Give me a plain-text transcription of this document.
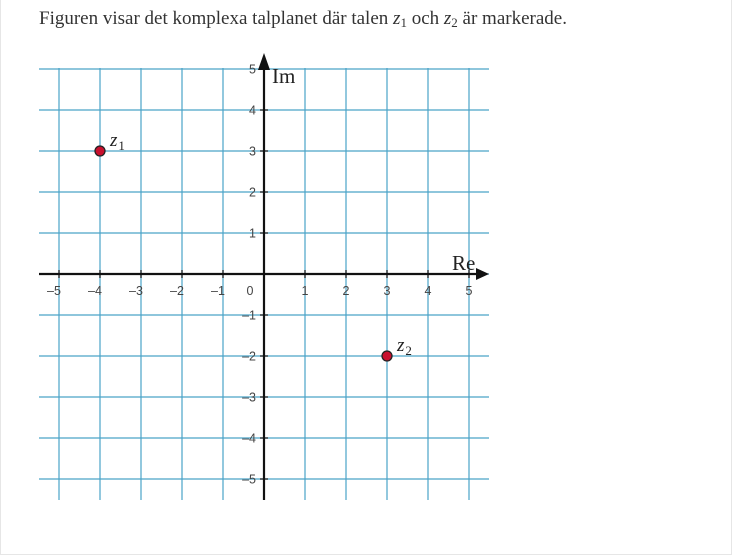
Figuren visar det komplexa talplanet där talen $z_1$ och $z_2$ är markerade.
Re
Im
–5 –4 –3 –2 –1	1	2	3	4	5
–5
–4
–3
–2
–1
1
2
3
4
5
0
$z_1$
$z_2$
